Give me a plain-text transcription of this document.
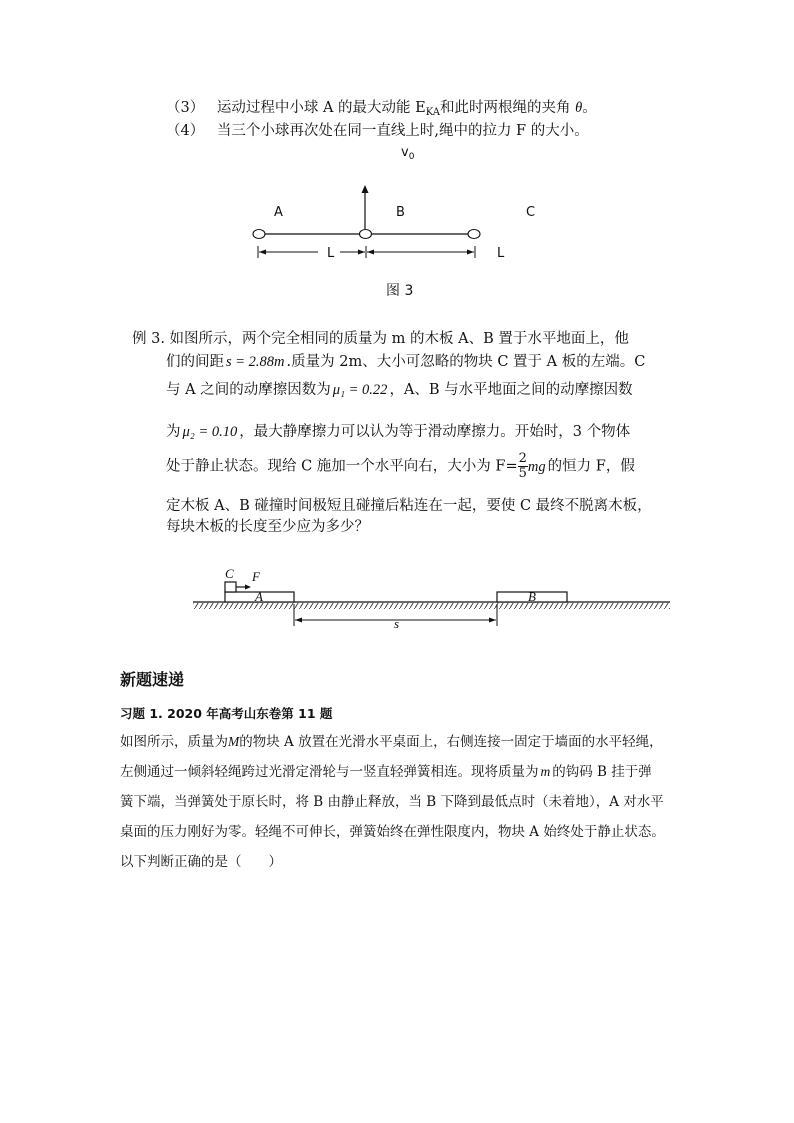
（3） 运动过程中小球 A 的最大动能 $E_{KA}$和此时两根绳的夹角 θ。
（4） 当三个小球再次处在同一直线上时,绳中的拉力 F 的大小。
$v_0$
A	B	C
L	L
图 3
例 3. 如图所示，两个完全相同的质量为 m 的木板 A、B 置于水平地面上，他
们的间距 s = 2.88m .质量为 2m、大小可忽略的物块 C 置于 A 板的左端。C
与 A 之间的动摩擦因数为 μ₁ = 0.22 ，A、B 与水平地面之间的动摩擦因数
为 μ₂ = 0.10 ，最大静摩擦力可以认为等于滑动摩擦力。开始时，3 个物体
处于静止状态。现给 C 施加一个水平向右，大小为 $F= \frac{2}{5}$ mg 的恒力 F，假
定木板 A、B 碰撞时间极短且碰撞后粘连在一起，要使 C 最终不脱离木板，
每块木板的长度至少应为多少？
C F
A	B
s
新题速递
习题 1. 2020 年高考山东卷第 11 题
如图所示，质量为M的物块 A 放置在光滑水平桌面上，右侧连接一固定于墙面的水平轻绳，
左侧通过一倾斜轻绳跨过光滑定滑轮与一竖直轻弹簧相连。现将质量为 m 的钩码 B 挂于弹
簧下端，当弹簧处于原长时，将 B 由静止释放，当 B 下降到最低点时（未着地），A 对水平
桌面的压力刚好为零。轻绳不可伸长，弹簧始终在弹性限度内，物块 A 始终处于静止状态。
以下判断正确的是（　　）
